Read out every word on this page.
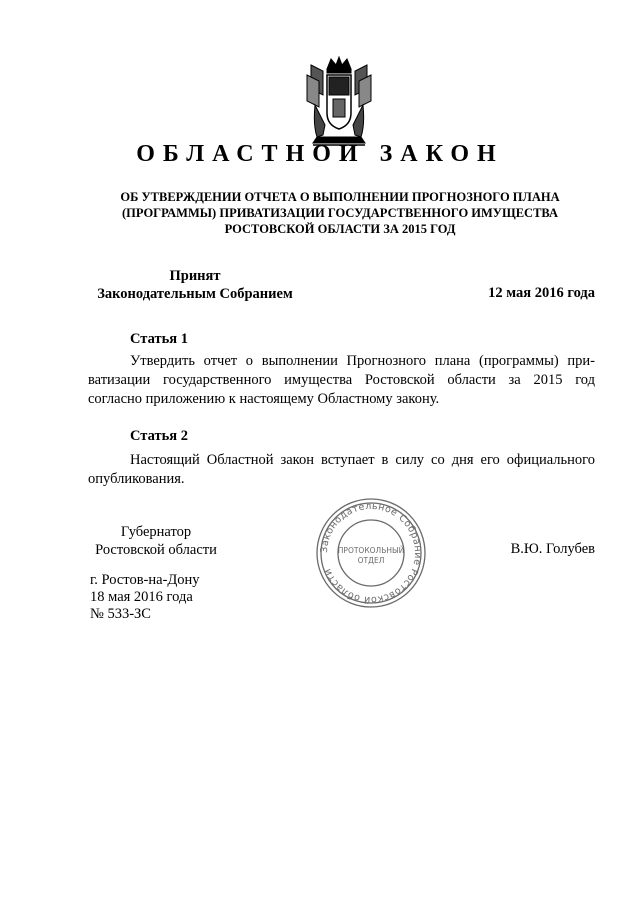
ОБЛАСТНОЙ ЗАКОН
ОБ УТВЕРЖДЕНИИ ОТЧЕТА О ВЫПОЛНЕНИИ ПРОГНОЗНОГО ПЛАНА
(ПРОГРАММЫ) ПРИВАТИЗАЦИИ ГОСУДАРСТВЕННОГО ИМУЩЕСТВА
РОСТОВСКОЙ ОБЛАСТИ ЗА 2015 ГОД
Принят
Законодательным Собранием	12 мая 2016 года
Статья 1
Утвердить отчет о выполнении Прогнозного плана (программы) при-
ватизации государственного имущества Ростовской области за 2015 год
согласно приложению к настоящему Областному закону.
Статья 2
Настоящий Областной закон вступает в силу со дня его официального
опубликования.
Губернатор
Ростовской области	В.Ю. Голубев
г. Ростов-на-Дону
18 мая 2016 года
№ 533-ЗС
Законодательное Собрание Ростовской области
ПРОТОКОЛЬНЫЙ
ОТДЕЛ
